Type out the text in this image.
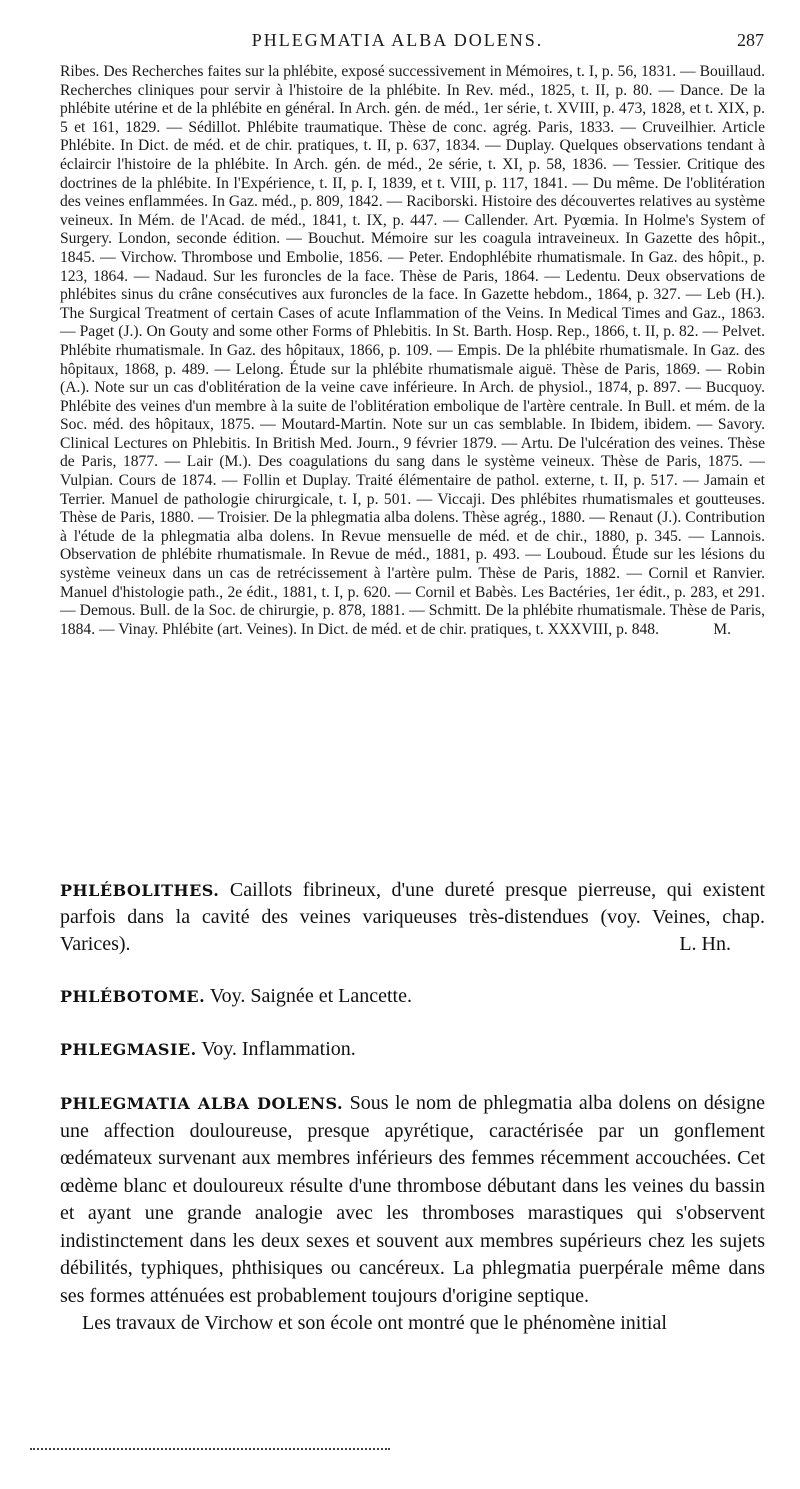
PHLEGMATIA ALBA DOLENS.	287
Ribes. Des Recherches faites sur la phlébite, exposé successivement in Mémoires, t. I, p. 56, 1831. — Bouillaud. Recherches cliniques pour servir à l'histoire de la phlébite. In Rev. méd., 1825, t. II, p. 80. — Dance. De la phlébite utérine et de la phlébite en général. In Arch. gén. de méd., 1er série, t. XVIII, p. 473, 1828, et t. XIX, p. 5 et 161, 1829. — Sédillot. Phlébite traumatique. Thèse de conc. agrég. Paris, 1833. — Cruveilhier. Article Phlébite. In Dict. de méd. et de chir. pratiques, t. II, p. 637, 1834. — Duplay. Quelques observations tendant à éclaircir l'histoire de la phlébite. In Arch. gén. de méd., 2e série, t. XI, p. 58, 1836. — Tessier. Critique des doctrines de la phlébite. In l'Expérience, t. II, p. I, 1839, et t. VIII, p. 117, 1841. — Du même. De l'oblitération des veines enflammées. In Gaz. méd., p. 809, 1842. — Raciborski. Histoire des découvertes relatives au système veineux. In Mém. de l'Acad. de méd., 1841, t. IX, p. 447. — Callender. Art. Pyœmia. In Holme's System of Surgery. London, seconde édition. — Bouchut. Mémoire sur les coagula intraveineux. In Gazette des hôpit., 1845. — Virchow. Thrombose und Embolie, 1856. — Peter. Endophlébite rhumatismale. In Gaz. des hôpit., p. 123, 1864. — Nadaud. Sur les furoncles de la face. Thèse de Paris, 1864. — Ledentu. Deux observations de phlébites sinus du crâne consécutives aux furoncles de la face. In Gazette hebdom., 1864, p. 327. — Leb (H.). The Surgical Treatment of certain Cases of acute Inflammation of the Veins. In Medical Times and Gaz., 1863. — Paget (J.). On Gouty and some other Forms of Phlebitis. In St. Barth. Hosp. Rep., 1866, t. II, p. 82. — Pelvet. Phlébite rhumatismale. In Gaz. des hôpitaux, 1866, p. 109. — Empis. De la phlébite rhumatismale. In Gaz. des hôpitaux, 1868, p. 489. — Lelong. Étude sur la phlébite rhumatismale aiguë. Thèse de Paris, 1869. — Robin (A.). Note sur un cas d'oblitération de la veine cave inférieure. In Arch. de physiol., 1874, p. 897. — Bucquoy. Phlébite des veines d'un membre à la suite de l'oblitération embolique de l'artère centrale. In Bull. et mém. de la Soc. méd. des hôpitaux, 1875. — Moutard-Martin. Note sur un cas semblable. In Ibidem, ibidem. — Savory. Clinical Lectures on Phlebitis. In British Med. Journ., 9 février 1879. — Artu. De l'ulcération des veines. Thèse de Paris, 1877. — Lair (M.). Des coagulations du sang dans le système veineux. Thèse de Paris, 1875. — Vulpian. Cours de 1874. — Follin et Duplay. Traité élémentaire de pathol. externe, t. II, p. 517. — Jamain et Terrier. Manuel de pathologie chirurgicale, t. I, p. 501. — Viccaji. Des phlébites rhumatismales et goutteuses. Thèse de Paris, 1880. — Troisier. De la phlegmatia alba dolens. Thèse agrég., 1880. — Renaut (J.). Contribution à l'étude de la phlegmatia alba dolens. In Revue mensuelle de méd. et de chir., 1880, p. 345. — Lannois. Observation de phlébite rhumatismale. In Revue de méd., 1881, p. 493. — Louboud. Étude sur les lésions du système veineux dans un cas de retrécissement à l'artère pulm. Thèse de Paris, 1882. — Cornil et Ranvier. Manuel d'histologie path., 2e édit., 1881, t. I, p. 620. — Cornil et Babès. Les Bactéries, 1er édit., p. 283, et 291. — Demous. Bull. de la Soc. de chirurgie, p. 878, 1881. — Schmitt. De la phlébite rhumatismale. Thèse de Paris, 1884. — Vinay. Phlébite (art. Veines). In Dict. de méd. et de chir. pratiques, t. XXXVIII, p. 848.	M.
PHLÉBOLITHES. Caillots fibrineux, d'une dureté presque pierreuse, qui existent parfois dans la cavité des veines variqueuses très-distendues (voy. Veines, chap. Varices).	L. Hn.
PHLÉBOTOME. Voy. Saignée et Lancette.
PHLEGMASIE. Voy. Inflammation.

PHLEGMATIA ALBA DOLENS. Sous le nom de phlegmatia alba dolens on désigne une affection douloureuse, presque apyrétique, caractérisée par un gonflement œdémateux survenant aux membres inférieurs des femmes récemment accouchées. Cet œdème blanc et douloureux résulte d'une thrombose débutant dans les veines du bassin et ayant une grande analogie avec les thromboses marastiques qui s'observent indistinctement dans les deux sexes et souvent aux membres supérieurs chez les sujets débilités, typhiques, phthisiques ou cancéreux. La phlegmatia puerpérale même dans ses formes atténuées est probablement toujours d'origine septique.

Les travaux de Virchow et son école ont montré que le phénomène initial
